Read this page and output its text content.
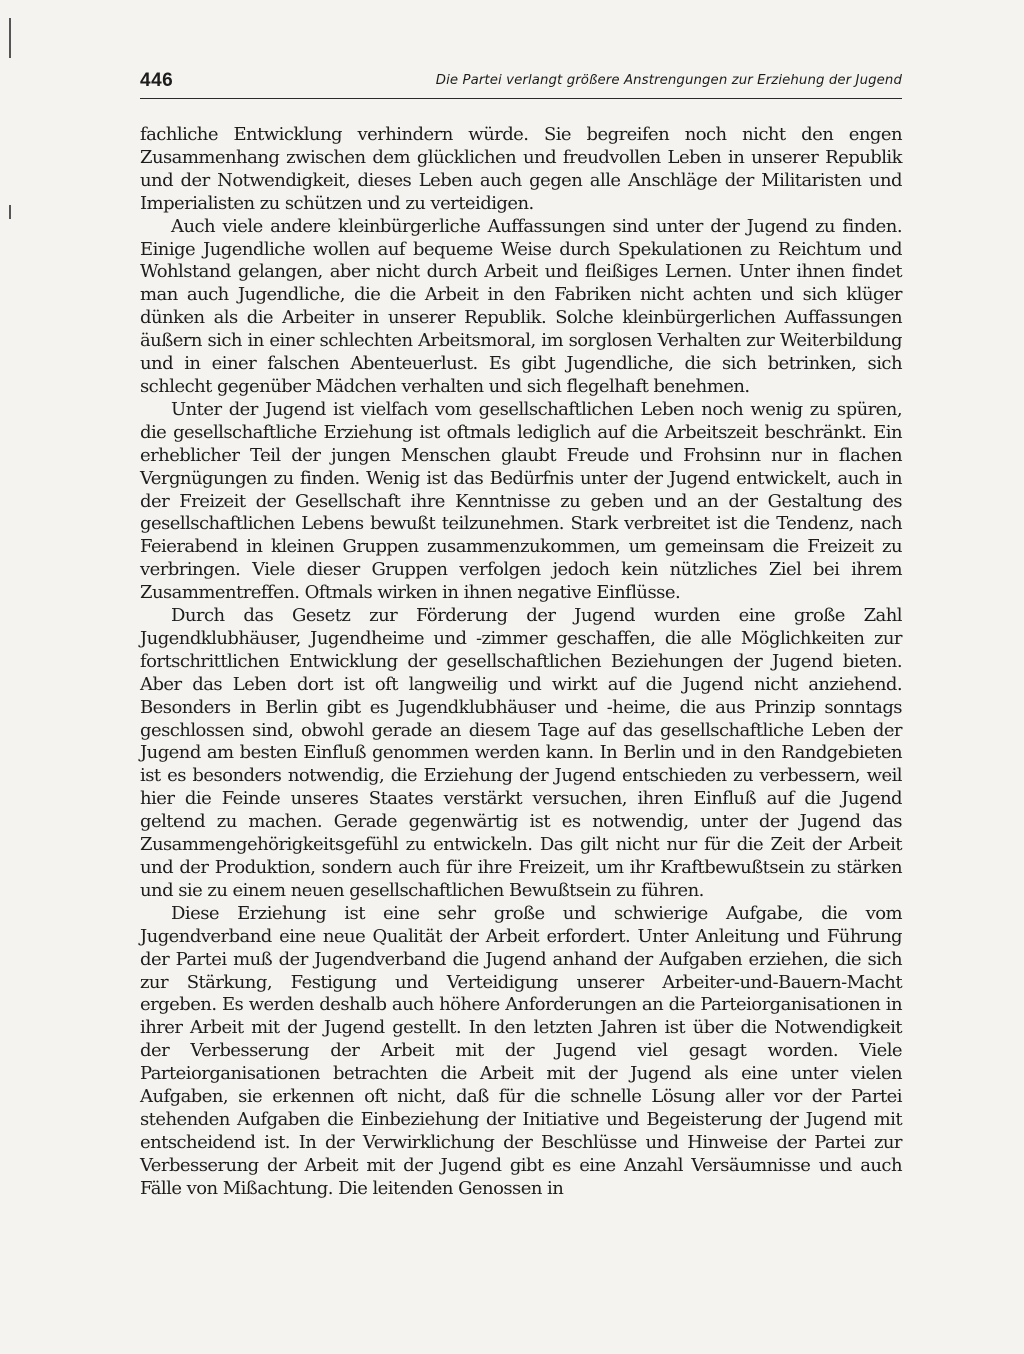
446	Die Partei verlangt größere Anstrengungen zur Erziehung der Jugend

fachliche Entwicklung verhindern würde. Sie begreifen noch nicht den engen Zusammenhang zwischen dem glücklichen und freudvollen Leben in unserer Republik und der Notwendigkeit, dieses Leben auch gegen alle Anschläge der Militaristen und Imperialisten zu schützen und zu verteidigen.

Auch viele andere kleinbürgerliche Auffassungen sind unter der Jugend zu finden. Einige Jugendliche wollen auf bequeme Weise durch Spekulationen zu Reichtum und Wohlstand gelangen, aber nicht durch Arbeit und fleißiges Lernen. Unter ihnen findet man auch Jugendliche, die die Arbeit in den Fabriken nicht achten und sich klüger dünken als die Arbeiter in unserer Republik. Solche kleinbürgerlichen Auffassungen äußern sich in einer schlechten Arbeitsmoral, im sorglosen Verhalten zur Weiterbildung und in einer falschen Abenteuerlust. Es gibt Jugendliche, die sich betrinken, sich schlecht gegenüber Mädchen verhalten und sich flegelhaft benehmen.

Unter der Jugend ist vielfach vom gesellschaftlichen Leben noch wenig zu spüren, die gesellschaftliche Erziehung ist oftmals lediglich auf die Arbeitszeit beschränkt. Ein erheblicher Teil der jungen Menschen glaubt Freude und Frohsinn nur in flachen Vergnügungen zu finden. Wenig ist das Bedürfnis unter der Jugend entwickelt, auch in der Freizeit der Gesellschaft ihre Kenntnisse zu geben und an der Gestaltung des gesellschaftlichen Lebens bewußt teilzunehmen. Stark verbreitet ist die Tendenz, nach Feierabend in kleinen Gruppen zusammenzukommen, um gemeinsam die Freizeit zu verbringen. Viele dieser Gruppen verfolgen jedoch kein nützliches Ziel bei ihrem Zusammentreffen. Oftmals wirken in ihnen negative Einflüsse.

Durch das Gesetz zur Förderung der Jugend wurden eine große Zahl Jugendklubhäuser, Jugendheime und -zimmer geschaffen, die alle Möglichkeiten zur fortschrittlichen Entwicklung der gesellschaftlichen Beziehungen der Jugend bieten. Aber das Leben dort ist oft langweilig und wirkt auf die Jugend nicht anziehend. Besonders in Berlin gibt es Jugendklubhäuser und -heime, die aus Prinzip sonntags geschlossen sind, obwohl gerade an diesem Tage auf das gesellschaftliche Leben der Jugend am besten Einfluß genommen werden kann. In Berlin und in den Randgebieten ist es besonders notwendig, die Erziehung der Jugend entschieden zu verbessern, weil hier die Feinde unseres Staates verstärkt versuchen, ihren Einfluß auf die Jugend geltend zu machen. Gerade gegenwärtig ist es notwendig, unter der Jugend das Zusammengehörigkeitsgefühl zu entwickeln. Das gilt nicht nur für die Zeit der Arbeit und der Produktion, sondern auch für ihre Freizeit, um ihr Kraftbewußtsein zu stärken und sie zu einem neuen gesellschaftlichen Bewußtsein zu führen.

Diese Erziehung ist eine sehr große und schwierige Aufgabe, die vom Jugendverband eine neue Qualität der Arbeit erfordert. Unter Anleitung und Führung der Partei muß der Jugendverband die Jugend anhand der Aufgaben erziehen, die sich zur Stärkung, Festigung und Verteidigung unserer Arbeiter-und-Bauern-Macht ergeben. Es werden deshalb auch höhere Anforderungen an die Parteiorganisationen in ihrer Arbeit mit der Jugend gestellt. In den letzten Jahren ist über die Notwendigkeit der Verbesserung der Arbeit mit der Jugend viel gesagt worden. Viele Parteiorganisationen betrachten die Arbeit mit der Jugend als eine unter vielen Aufgaben, sie erkennen oft nicht, daß für die schnelle Lösung aller vor der Partei stehenden Aufgaben die Einbeziehung der Initiative und Begeisterung der Jugend mit entscheidend ist. In der Verwirklichung der Beschlüsse und Hinweise der Partei zur Verbesserung der Arbeit mit der Jugend gibt es eine Anzahl Versäumnisse und auch Fälle von Mißachtung. Die leitenden Genossen in
